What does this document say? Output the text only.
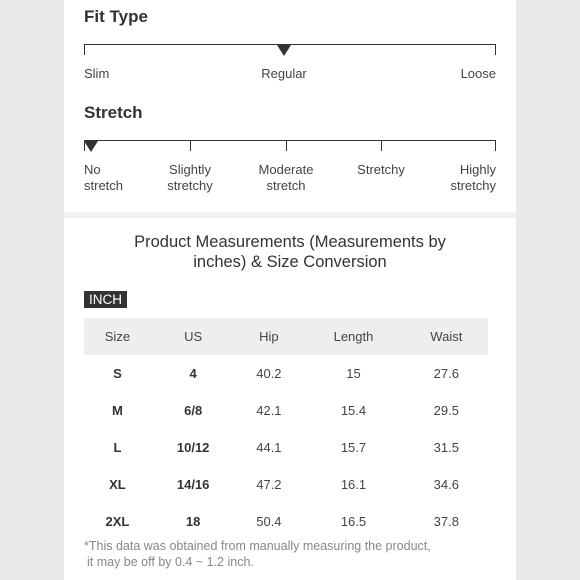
Fit Type
Slim	Regular	Loose
Stretch
No
stretch
Slightly
stretchy
Moderate
stretch
Stretchy	Highly
stretchy
Product Measurements (Measurements by
inches) & Size Conversion
INCH
Size	US	Hip	Length	Waist
S	4	40.2	15	27.6
M	6/8	42.1	15.4	29.5
L	10/12	44.1	15.7	31.5
XL	14/16	47.2	16.1	34.6
2XL	18	50.4	16.5	37.8
*This data was obtained from manually measuring the product,
it may be off by 0.4 ~ 1.2 inch.
